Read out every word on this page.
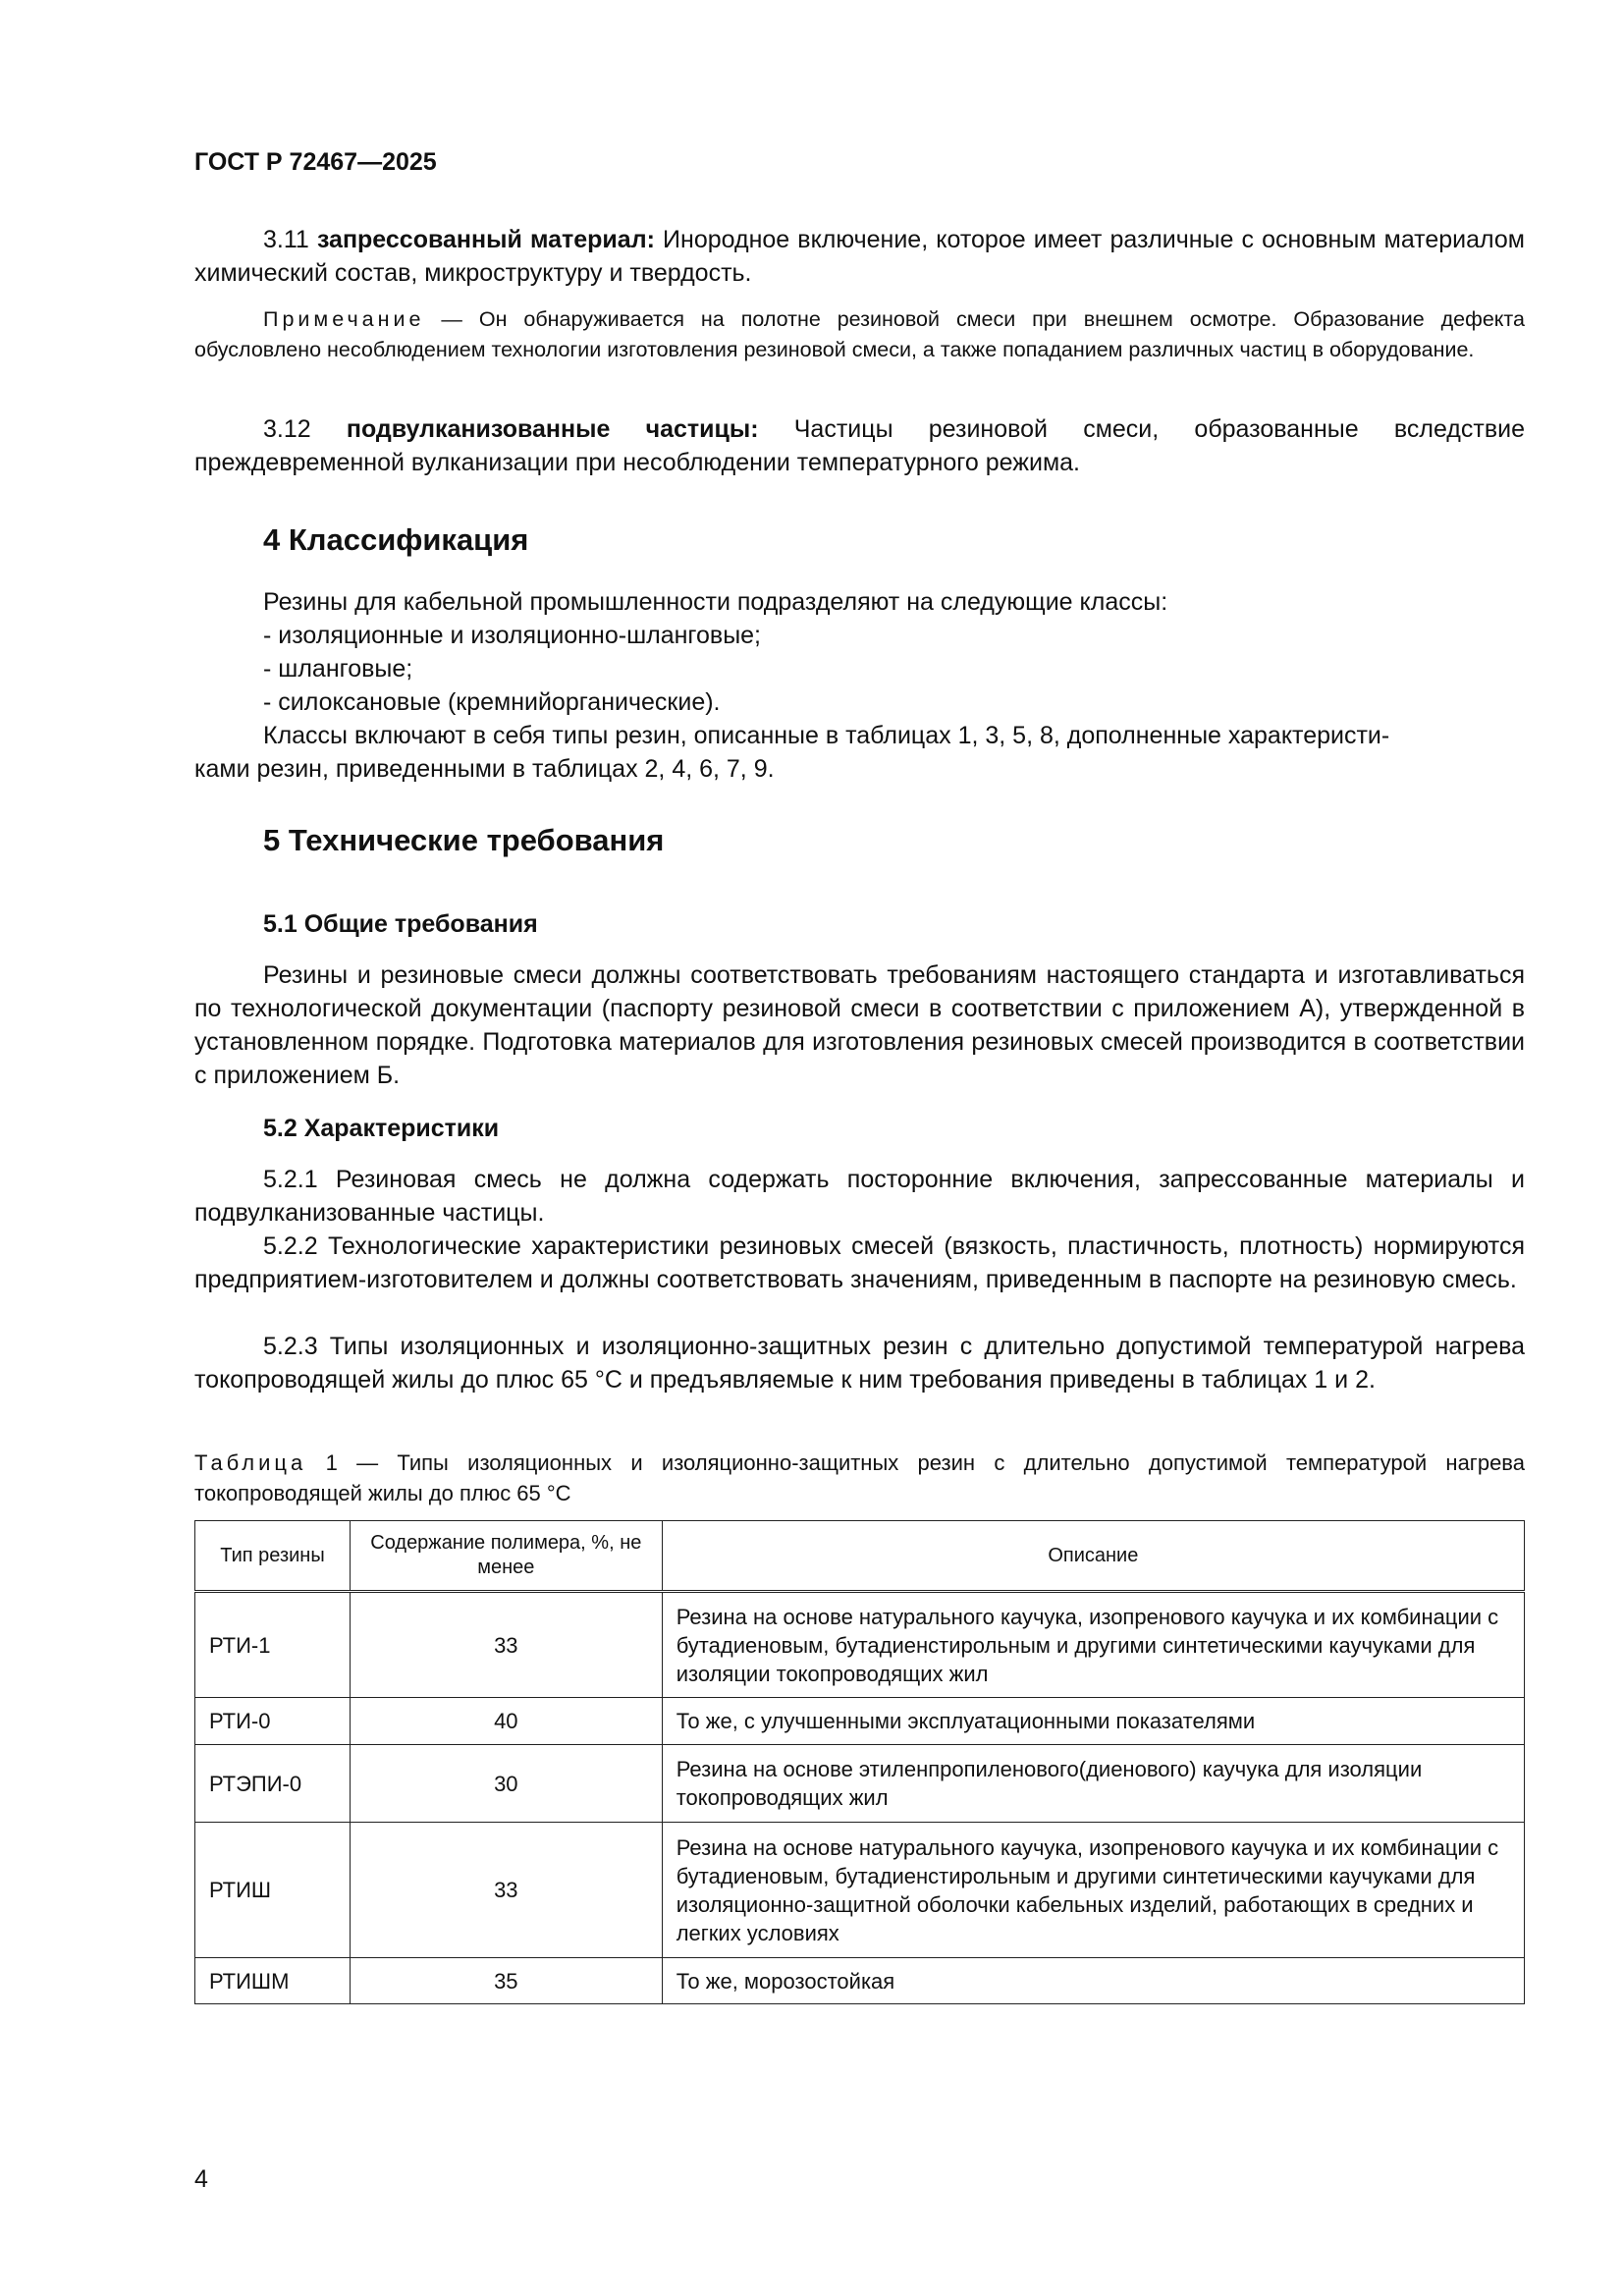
ГОСТ Р 72467—2025
3.11 запрессованный материал: Инородное включение, которое имеет различные с основным материалом химический состав, микроструктуру и твердость.
Примечание — Он обнаруживается на полотне резиновой смеси при внешнем осмотре. Образование дефекта обусловлено несоблюдением технологии изготовления резиновой смеси, а также попаданием различных частиц в оборудование.
3.12 подвулканизованные частицы: Частицы резиновой смеси, образованные вследствие преждевременной вулканизации при несоблюдении температурного режима.
4 Классификация
Резины для кабельной промышленности подразделяют на следующие классы:
- изоляционные и изоляционно-шланговые;
- шланговые;
- силоксановые (кремнийорганические).
Классы включают в себя типы резин, описанные в таблицах 1, 3, 5, 8, дополненные характеристи-
ками резин, приведенными в таблицах 2, 4, 6, 7, 9.
5 Технические требования
5.1 Общие требования
Резины и резиновые смеси должны соответствовать требованиям настоящего стандарта и изготавливаться по технологической документации (паспорту резиновой смеси в соответствии с приложением А), утвержденной в установленном порядке. Подготовка материалов для изготовления резиновых смесей производится в соответствии с приложением Б.
5.2 Характеристики
5.2.1 Резиновая смесь не должна содержать посторонние включения, запрессованные материалы и подвулканизованные частицы.
5.2.2 Технологические характеристики резиновых смесей (вязкость, пластичность, плотность) нормируются предприятием-изготовителем и должны соответствовать значениям, приведенным в паспорте на резиновую смесь.
5.2.3 Типы изоляционных и изоляционно-защитных резин с длительно допустимой температурой нагрева токопроводящей жилы до плюс 65 °С и предъявляемые к ним требования приведены в таблицах 1 и 2.
Таблица 1 — Типы изоляционных и изоляционно-защитных резин с длительно допустимой температурой нагрева токопроводящей жилы до плюс 65 °С
Тип резины	Содержание полимера, %, не менее	Описание
РТИ-1	33	Резина на основе натурального каучука, изопренового каучука и их комбинации с бутадиеновым, бутадиенстирольным и другими синтетическими каучуками для изоляции токопроводящих жил
РТИ-0	40	То же, с улучшенными эксплуатационными показателями
РТЭПИ-0	30	Резина на основе этиленпропиленового(диенового) каучука для изоляции токопроводящих жил
РТИШ	33	Резина на основе натурального каучука, изопренового каучука и их комбинации с бутадиеновым, бутадиенстирольным и другими синтетическими каучуками для изоляционно-защитной оболочки кабельных изделий, работающих в средних и легких условиях
РТИШМ	35	То же, морозостойкая
4
